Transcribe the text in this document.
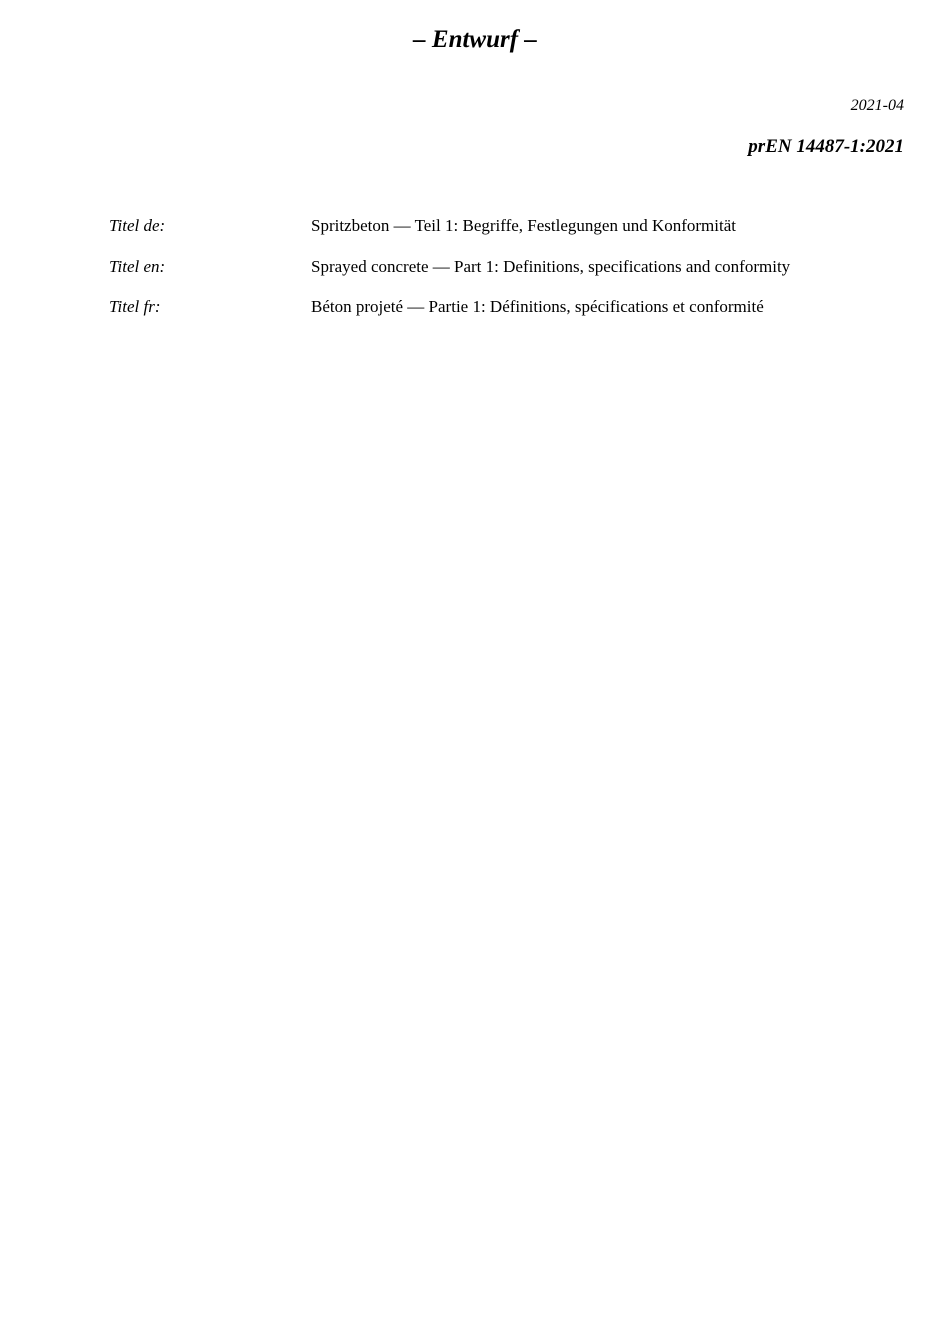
– Entwurf –
2021-04
prEN 14487-1:2021
Titel de:	Spritzbeton — Teil 1: Begriffe, Festlegungen und Konformität
Titel en:	Sprayed concrete — Part 1: Definitions, specifications and conformity
Titel fr:	Béton projeté — Partie 1: Définitions, spécifications et conformité
